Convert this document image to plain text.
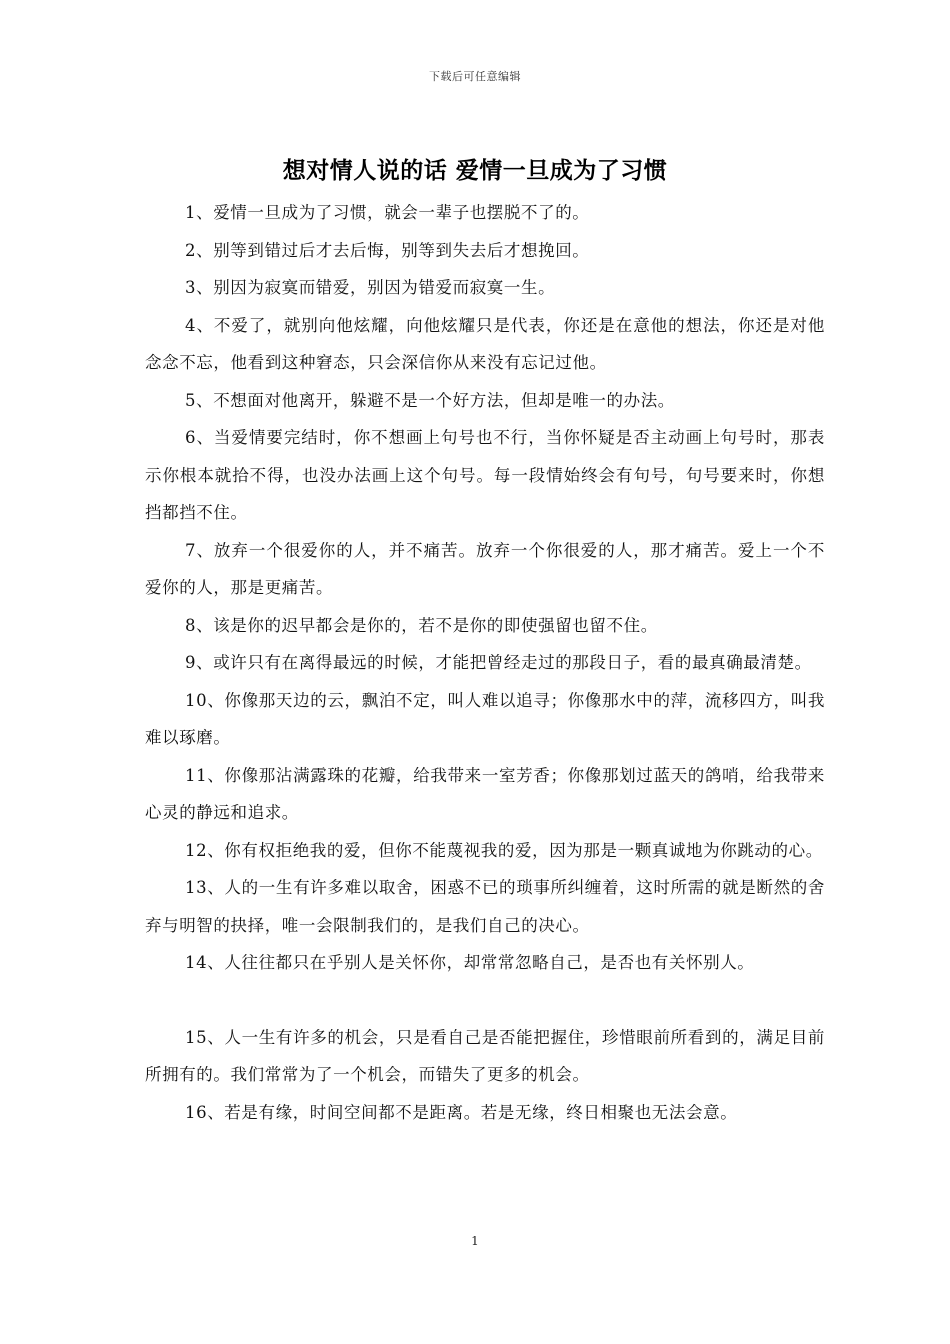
下载后可任意编辑
想对情人说的话 爱情一旦成为了习惯

1、爱情一旦成为了习惯，就会一辈子也摆脱不了的。

2、别等到错过后才去后悔，别等到失去后才想挽回。

3、别因为寂寞而错爱，别因为错爱而寂寞一生。

4、不爱了，就别向他炫耀，向他炫耀只是代表，你还是在意他的想法，你还是对他念念不忘，他看到这种窘态，只会深信你从来没有忘记过他。

5、不想面对他离开，躲避不是一个好方法，但却是唯一的办法。

6、当爱情要完结时，你不想画上句号也不行，当你怀疑是否主动画上句号时，那表示你根本就拾不得，也没办法画上这个句号。每一段情始终会有句号，句号要来时，你想挡都挡不住。

7、放弃一个很爱你的人，并不痛苦。放弃一个你很爱的人，那才痛苦。爱上一个不爱你的人，那是更痛苦。

8、该是你的迟早都会是你的，若不是你的即使强留也留不住。

9、或许只有在离得最远的时候，才能把曾经走过的那段日子，看的最真确最清楚。

10、你像那天边的云，飘泊不定，叫人难以追寻；你像那水中的萍，流移四方，叫我难以琢磨。

11、你像那沾满露珠的花瓣，给我带来一室芳香；你像那划过蓝天的鸽哨，给我带来心灵的静远和追求。

12、你有权拒绝我的爱，但你不能蔑视我的爱，因为那是一颗真诚地为你跳动的心。

13、人的一生有许多难以取舍，困惑不已的琐事所纠缠着，这时所需的就是断然的舍弃与明智的抉择，唯一会限制我们的，是我们自己的决心。

14、人往往都只在乎别人是关怀你，却常常忽略自己，是否也有关怀别人。

15、人一生有许多的机会，只是看自己是否能把握住，珍惜眼前所看到的，满足目前所拥有的。我们常常为了一个机会，而错失了更多的机会。

16、若是有缘，时间空间都不是距离。若是无缘，终日相聚也无法会意。

1
